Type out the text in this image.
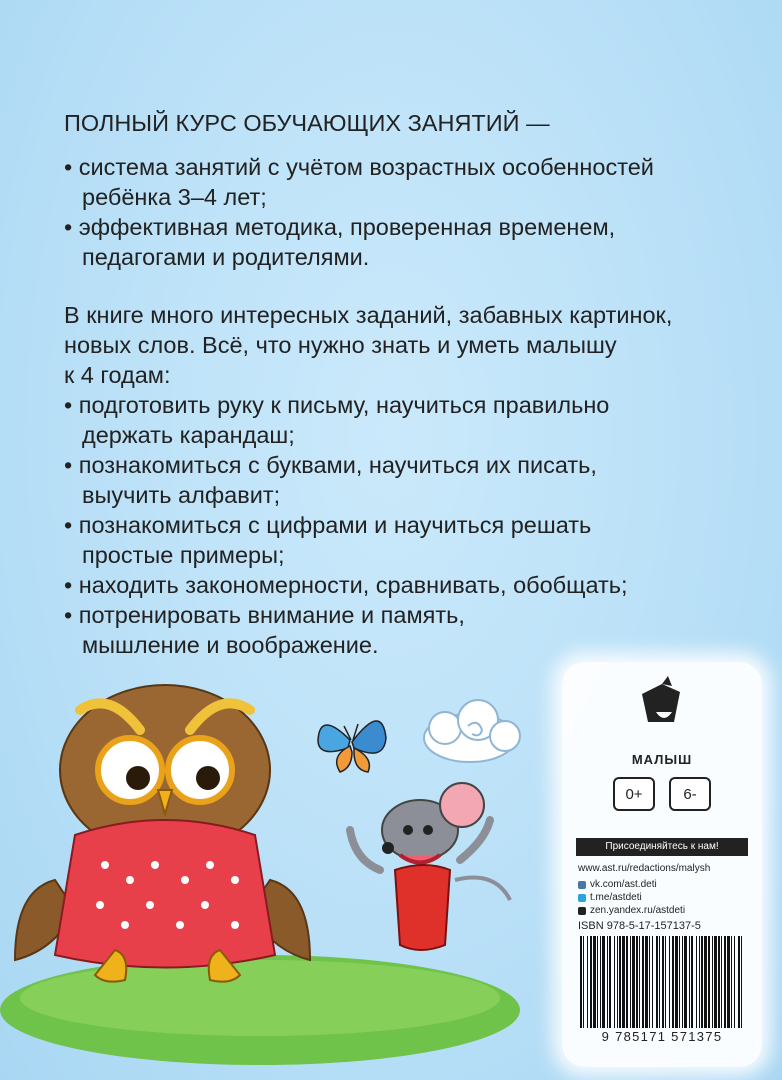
ПОЛНЫЙ КУРС ОБУЧАЮЩИХ ЗАНЯТИЙ —

• система занятий с учётом возрастных особенностей

ребёнка 3–4 лет;

• эффективная методика, проверенная временем,

педагогами и родителями.

В книге много интересных заданий, забавных картинок,

новых слов. Всё, что нужно знать и уметь малышу

к 4 годам:

• подготовить руку к письму, научиться правильно

держать карандаш;

• познакомиться с буквами, научиться их писать,

выучить алфавит;

• познакомиться с цифрами и научиться решать

простые примеры;

• находить закономерности, сравнивать, обобщать;

• потренировать внимание и память,

мышление и воображение.

МАЛЫШ
0+	6-
Присоединяйтесь к нам!
www.ast.ru/redactions/malysh
vk.com/ast.deti
t.me/astdeti
zen.yandex.ru/astdeti
ISBN 978-5-17-157137-5
9 785171 571375
